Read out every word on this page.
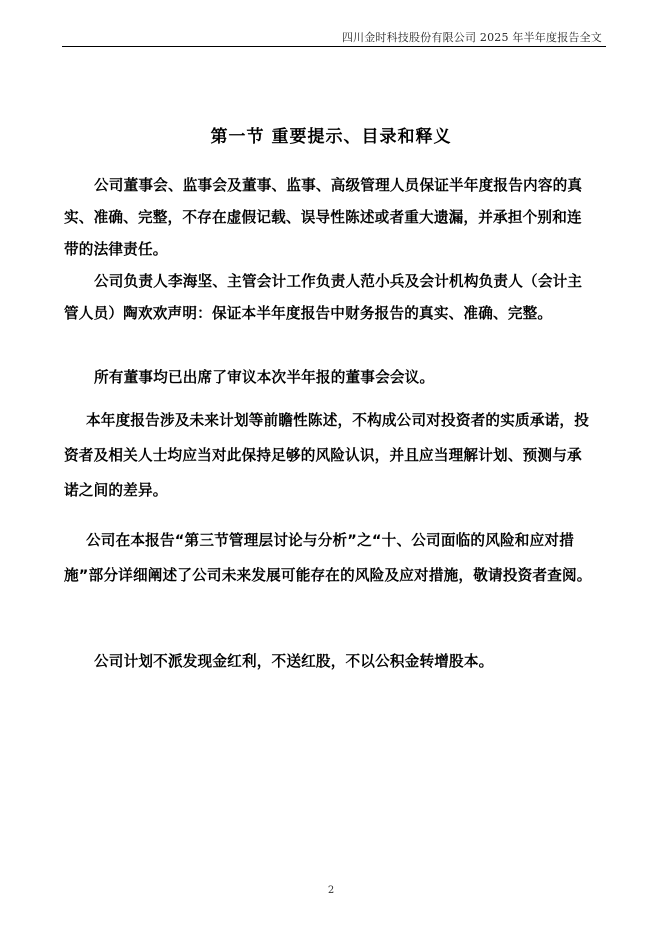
四川金时科技股份有限公司 2025 年半年度报告全文
第一节 重要提示、目录和释义

公司董事会、监事会及董事、监事、高级管理人员保证半年度报告内容的真实、准确、完整，不存在虚假记载、误导性陈述或者重大遗漏，并承担个别和连带的法律责任。

公司负责人李海坚、主管会计工作负责人范小兵及会计机构负责人（会计主管人员）陶欢欢声明：保证本半年度报告中财务报告的真实、准确、完整。

所有董事均已出席了审议本次半年报的董事会会议。

本年度报告涉及未来计划等前瞻性陈述，不构成公司对投资者的实质承诺，投资者及相关人士均应当对此保持足够的风险认识，并且应当理解计划、预测与承诺之间的差异。

公司在本报告“第三节管理层讨论与分析”之“十、公司面临的风险和应对措施”部分详细阐述了公司未来发展可能存在的风险及应对措施，敬请投资者查阅。

公司计划不派发现金红利，不送红股，不以公积金转增股本。

2
